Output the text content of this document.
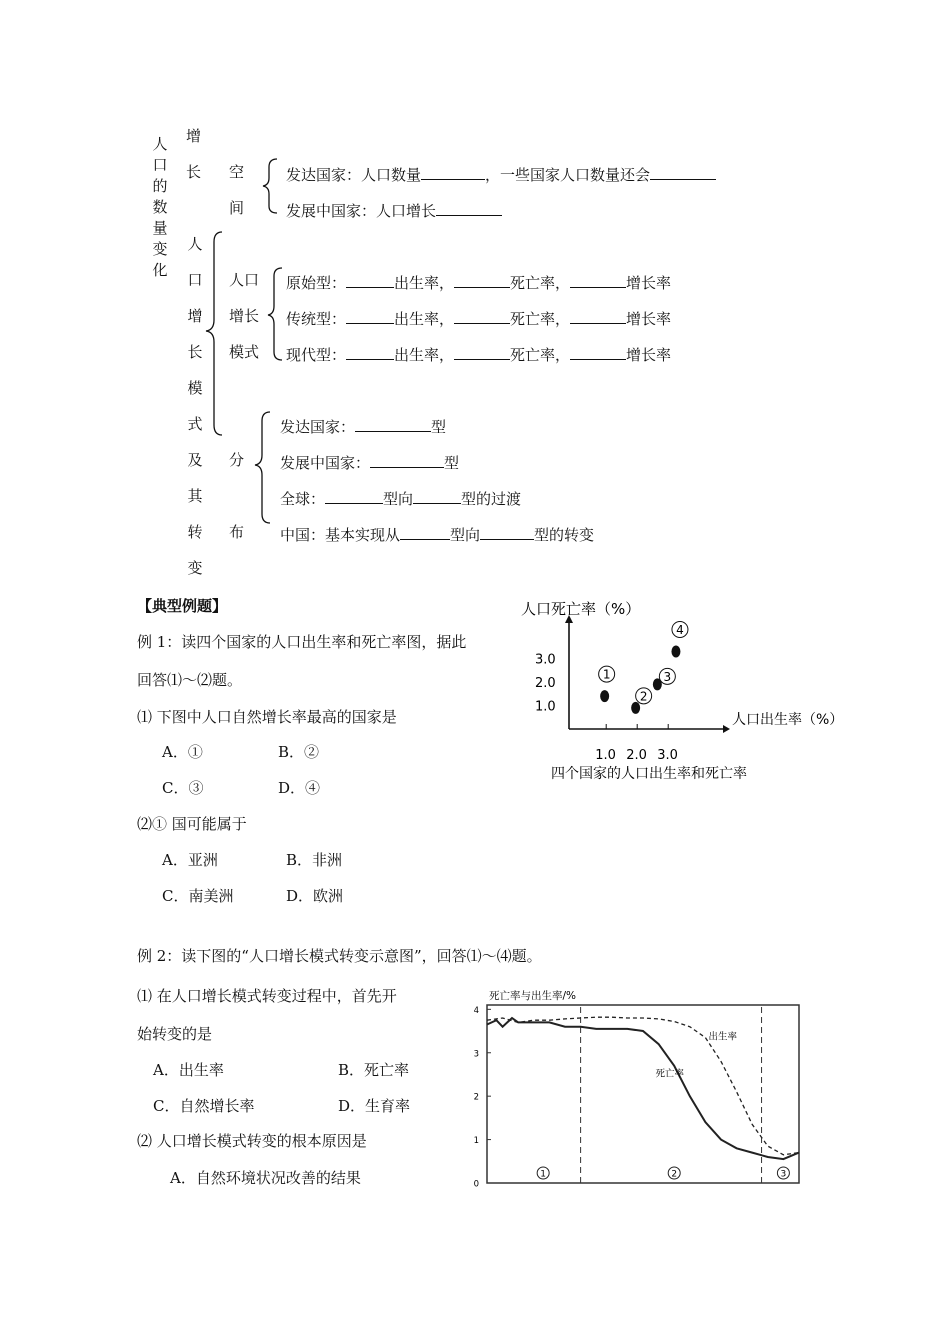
人
口
的
数
量
变
化
增
长 空
间
发达国家：人口数量	，一些国家人口数量还会
发展中国家：人口增长
人
口
增
长
模
式
及
其
转
变
人口
增长
模式
原始型：	出生率，	死亡率，	增长率
传统型：	出生率，	死亡率，	增长率
现代型：	出生率，	死亡率，	增长率
分
布
发达国家：	型
发展中国家：	型
全球：	型向	型的过渡
中国：基本实现从	型向	型的转变
【典型例题】
例 1：读四个国家的人口出生率和死亡率图，据此
回答⑴～⑵题。
⑴ 下图中人口自然增长率最高的国家是
A．①	B．②
C．③	D．④
⑵① 国可能属于
A．亚洲	B．非洲
C．南美洲	D．欧洲
1.0
1.0
2.0
2.0
3.0
3.0
人口死亡率（%）
人口出生率（%）
四个国家的人口出生率和死亡率
1
2
3
4
例 2：读下图的“人口增长模式转变示意图”，回答⑴～⑷题。
⑴ 在人口增长模式转变过程中，首先开
始转变的是
A．出生率	B．死亡率
C．自然增长率	D．生育率
⑵ 人口增长模式转变的根本原因是
A．自然环境状况改善的结果
死亡率与出生率/%
0
1
2
3
4
1	2	3
出生率
死亡率
